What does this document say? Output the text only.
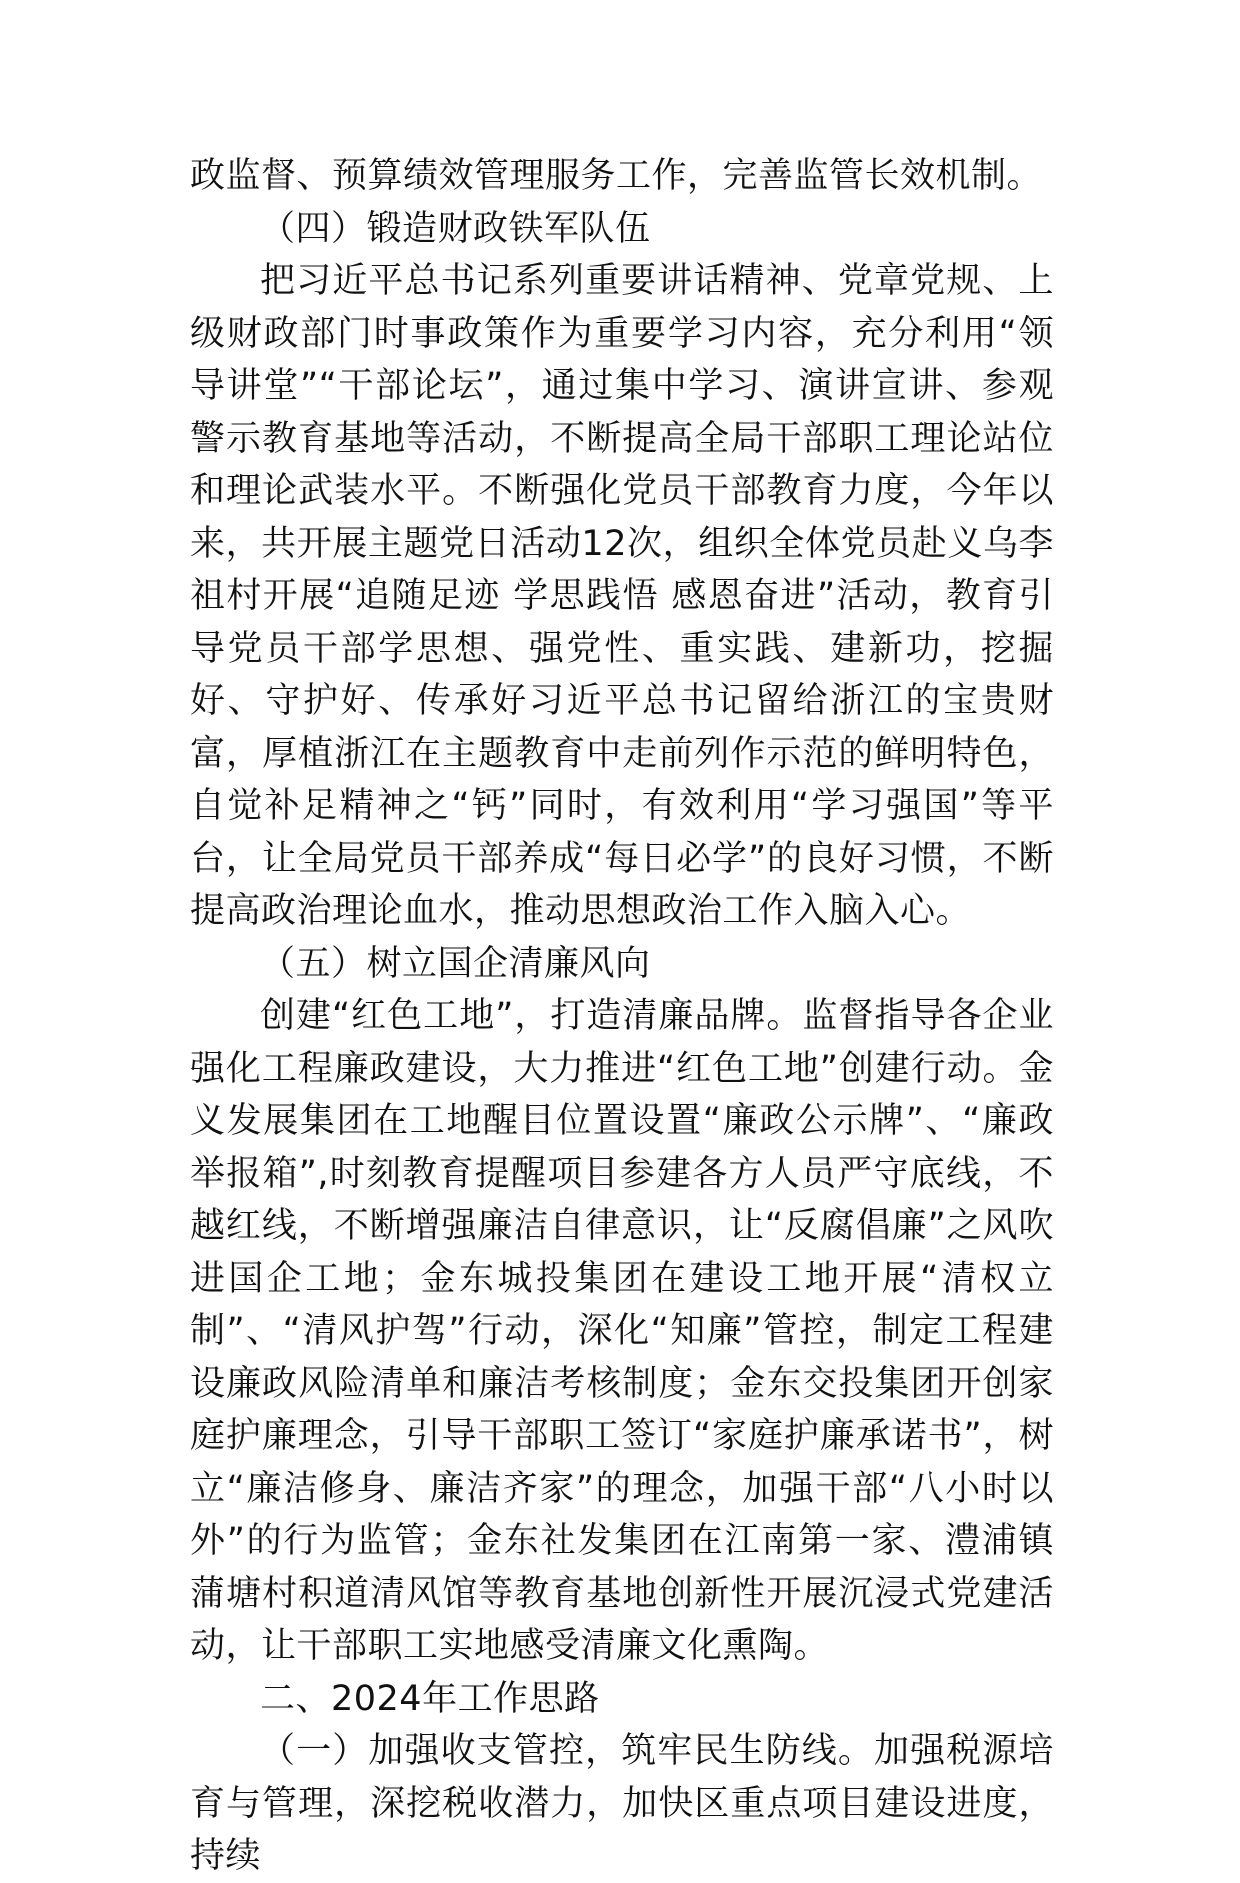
政监督、预算绩效管理服务工作，完善监管长效机制。

（四）锻造财政铁军队伍

把习近平总书记系列重要讲话精神、党章党规、上级财政部门时事政策作为重要学习内容，充分利用“领导讲堂”“干部论坛”，通过集中学习、演讲宣讲、参观警示教育基地等活动，不断提高全局干部职工理论站位和理论武装水平。不断强化党员干部教育力度，今年以来，共开展主题党日活动12次，组织全体党员赴义乌李祖村开展“追随足迹 学思践悟 感恩奋进”活动，教育引导党员干部学思想、强党性、重实践、建新功，挖掘好、守护好、传承好习近平总书记留给浙江的宝贵财富，厚植浙江在主题教育中走前列作示范的鲜明特色，自觉补足精神之“钙”同时，有效利用“学习强国”等平台，让全局党员干部养成“每日必学”的良好习惯，不断提高政治理论血水，推动思想政治工作入脑入心。

（五）树立国企清廉风向

创建“红色工地”，打造清廉品牌。监督指导各企业强化工程廉政建设，大力推进“红色工地”创建行动。金义发展集团在工地醒目位置设置“廉政公示牌”、“廉政举报箱”,时刻教育提醒项目参建各方人员严守底线，不越红线，不断增强廉洁自律意识，让“反腐倡廉”之风吹进国企工地；金东城投集团在建设工地开展“清权立制”、“清风护驾”行动，深化“知廉”管控，制定工程建设廉政风险清单和廉洁考核制度；金东交投集团开创家庭护廉理念，引导干部职工签订“家庭护廉承诺书”，树立“廉洁修身、廉洁齐家”的理念，加强干部“八小时以外”的行为监管；金东社发集团在江南第一家、澧浦镇蒲塘村积道清风馆等教育基地创新性开展沉浸式党建活动，让干部职工实地感受清廉文化熏陶。

二、2024年工作思路

（一）加强收支管控，筑牢民生防线。加强税源培育与管理，深挖税收潜力，加快区重点项目建设进度，持续
